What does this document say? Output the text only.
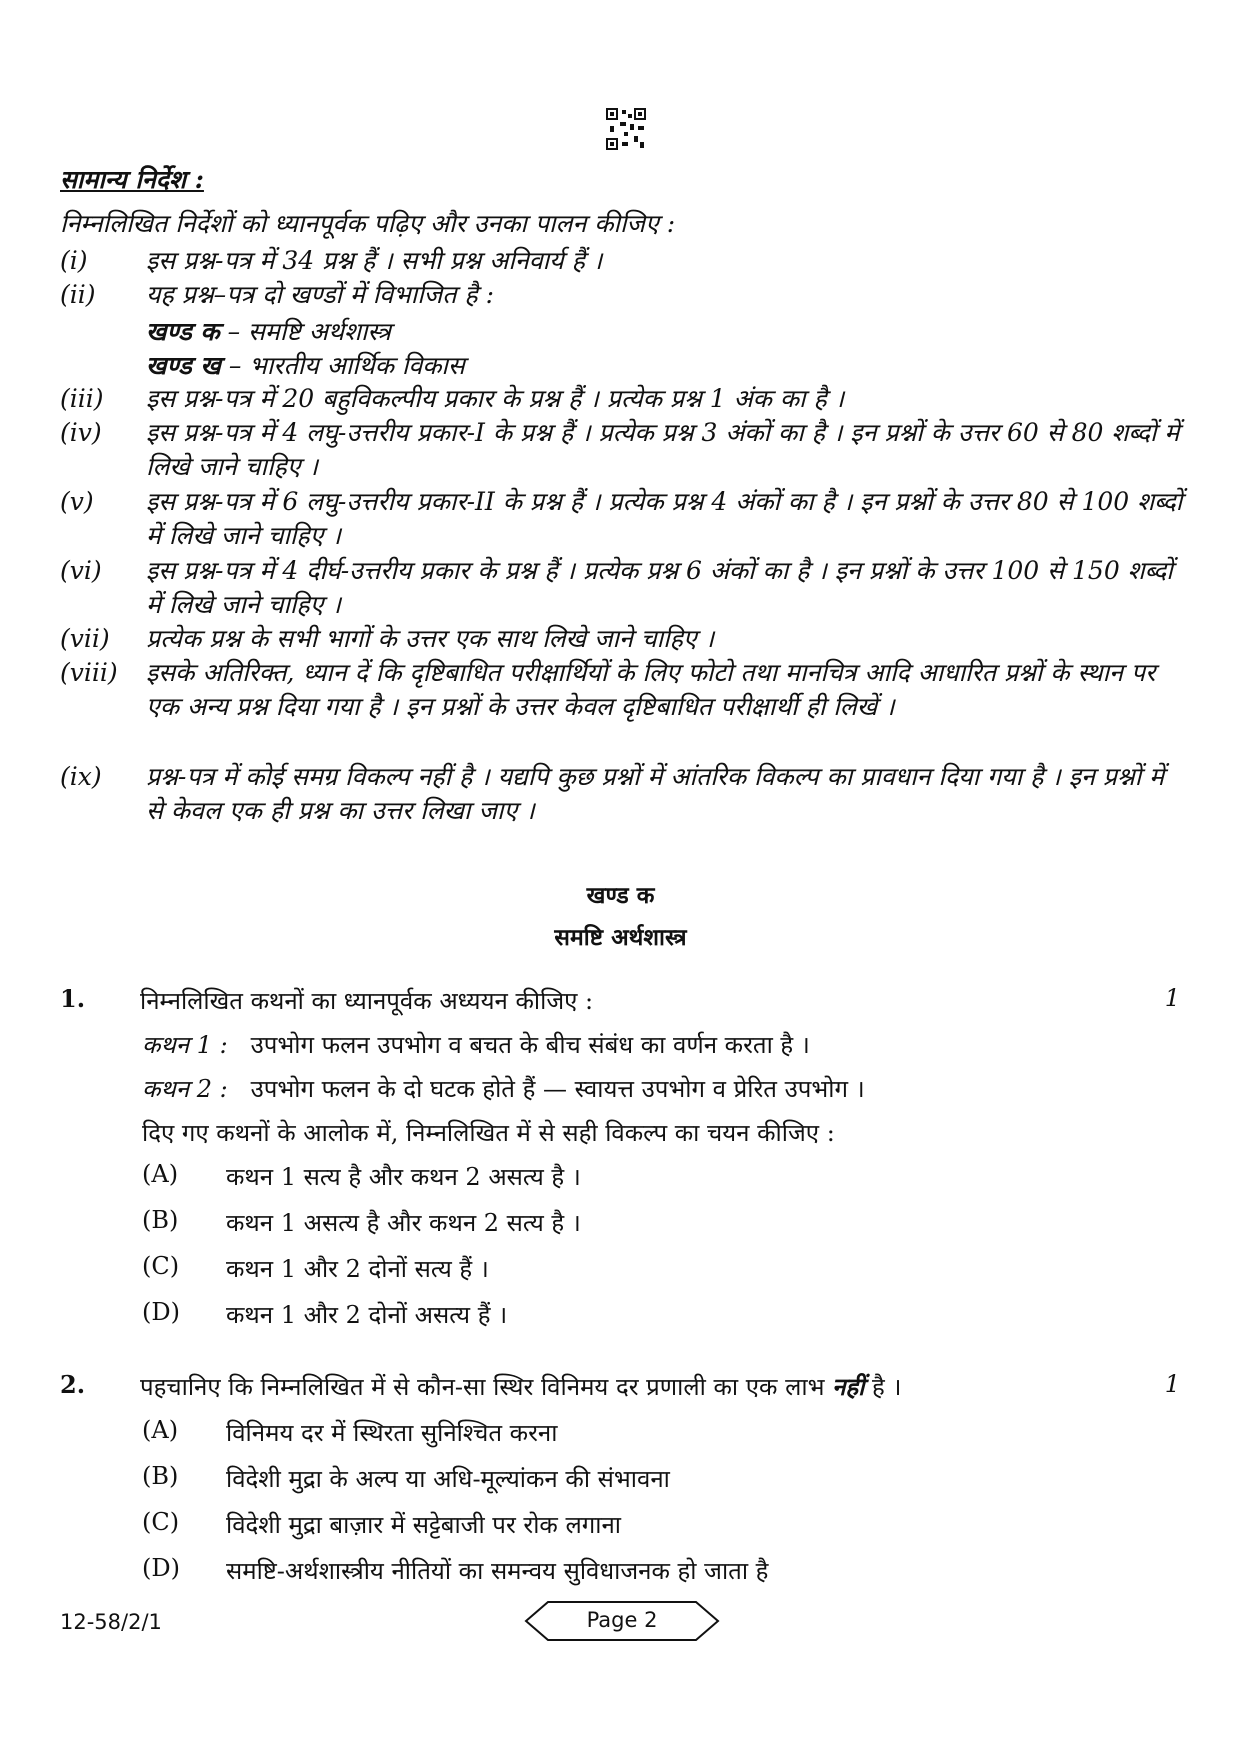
सामान्य निर्देश :
निम्नलिखित निर्देशों को ध्यानपूर्वक पढ़िए और उनका पालन कीजिए :
(i)	इस प्रश्न-पत्र में 34 प्रश्न हैं । सभी प्रश्न अनिवार्य हैं ।
(ii)	यह प्रश्न–पत्र दो खण्डों में विभाजित है :
खण्ड क – समष्टि अर्थशास्त्र
खण्ड ख – भारतीय आर्थिक विकास
(iii)	इस प्रश्न-पत्र में 20 बहुविकल्पीय प्रकार के प्रश्न हैं । प्रत्येक प्रश्न 1 अंक का है ।
(iv)	इस प्रश्न-पत्र में 4 लघु-उत्तरीय प्रकार-I के प्रश्न हैं । प्रत्येक प्रश्न 3 अंकों का है । इन प्रश्नों के उत्तर 60 से 80 शब्दों में लिखे जाने चाहिए ।
(v)	इस प्रश्न-पत्र में 6 लघु-उत्तरीय प्रकार-II के प्रश्न हैं । प्रत्येक प्रश्न 4 अंकों का है । इन प्रश्नों के उत्तर 80 से 100 शब्दों में लिखे जाने चाहिए ।
(vi)	इस प्रश्न-पत्र में 4 दीर्घ-उत्तरीय प्रकार के प्रश्न हैं । प्रत्येक प्रश्न 6 अंकों का है । इन प्रश्नों के उत्तर 100 से 150 शब्दों में लिखे जाने चाहिए ।
(vii)	प्रत्येक प्रश्न के सभी भागों के उत्तर एक साथ लिखे जाने चाहिए ।
(viii)	इसके अतिरिक्त, ध्यान दें कि दृष्टिबाधित परीक्षार्थियों के लिए फोटो तथा मानचित्र आदि आधारित प्रश्नों के स्थान पर एक अन्य प्रश्न दिया गया है । इन प्रश्नों के उत्तर केवल दृष्टिबाधित परीक्षार्थी ही लिखें ।
(ix)	प्रश्न-पत्र में कोई समग्र विकल्प नहीं है । यद्यपि कुछ प्रश्नों में आंतरिक विकल्प का प्रावधान दिया गया है । इन प्रश्नों में से केवल एक ही प्रश्न का उत्तर लिखा जाए ।
खण्ड क
समष्टि अर्थशास्त्र
1. निम्नलिखित कथनों का ध्यानपूर्वक अध्ययन कीजिए :	1
कथन 1 : उपभोग फलन उपभोग व बचत के बीच संबंध का वर्णन करता है ।
कथन 2 : उपभोग फलन के दो घटक होते हैं — स्वायत्त उपभोग व प्रेरित उपभोग ।
दिए गए कथनों के आलोक में, निम्नलिखित में से सही विकल्प का चयन कीजिए :
(A) कथन 1 सत्य है और कथन 2 असत्य है ।
(B) कथन 1 असत्य है और कथन 2 सत्य है ।
(C) कथन 1 और 2 दोनों सत्य हैं ।
(D) कथन 1 और 2 दोनों असत्य हैं ।
2. पहचानिए कि निम्नलिखित में से कौन-सा स्थिर विनिमय दर प्रणाली का एक लाभ नहीं है ।	1
(A) विनिमय दर में स्थिरता सुनिश्चित करना
(B) विदेशी मुद्रा के अल्प या अधि-मूल्यांकन की संभावना
(C) विदेशी मुद्रा बाज़ार में सट्टेबाजी पर रोक लगाना
(D) समष्टि-अर्थशास्त्रीय नीतियों का समन्वय सुविधाजनक हो जाता है
12-58/2/1	Page 2
